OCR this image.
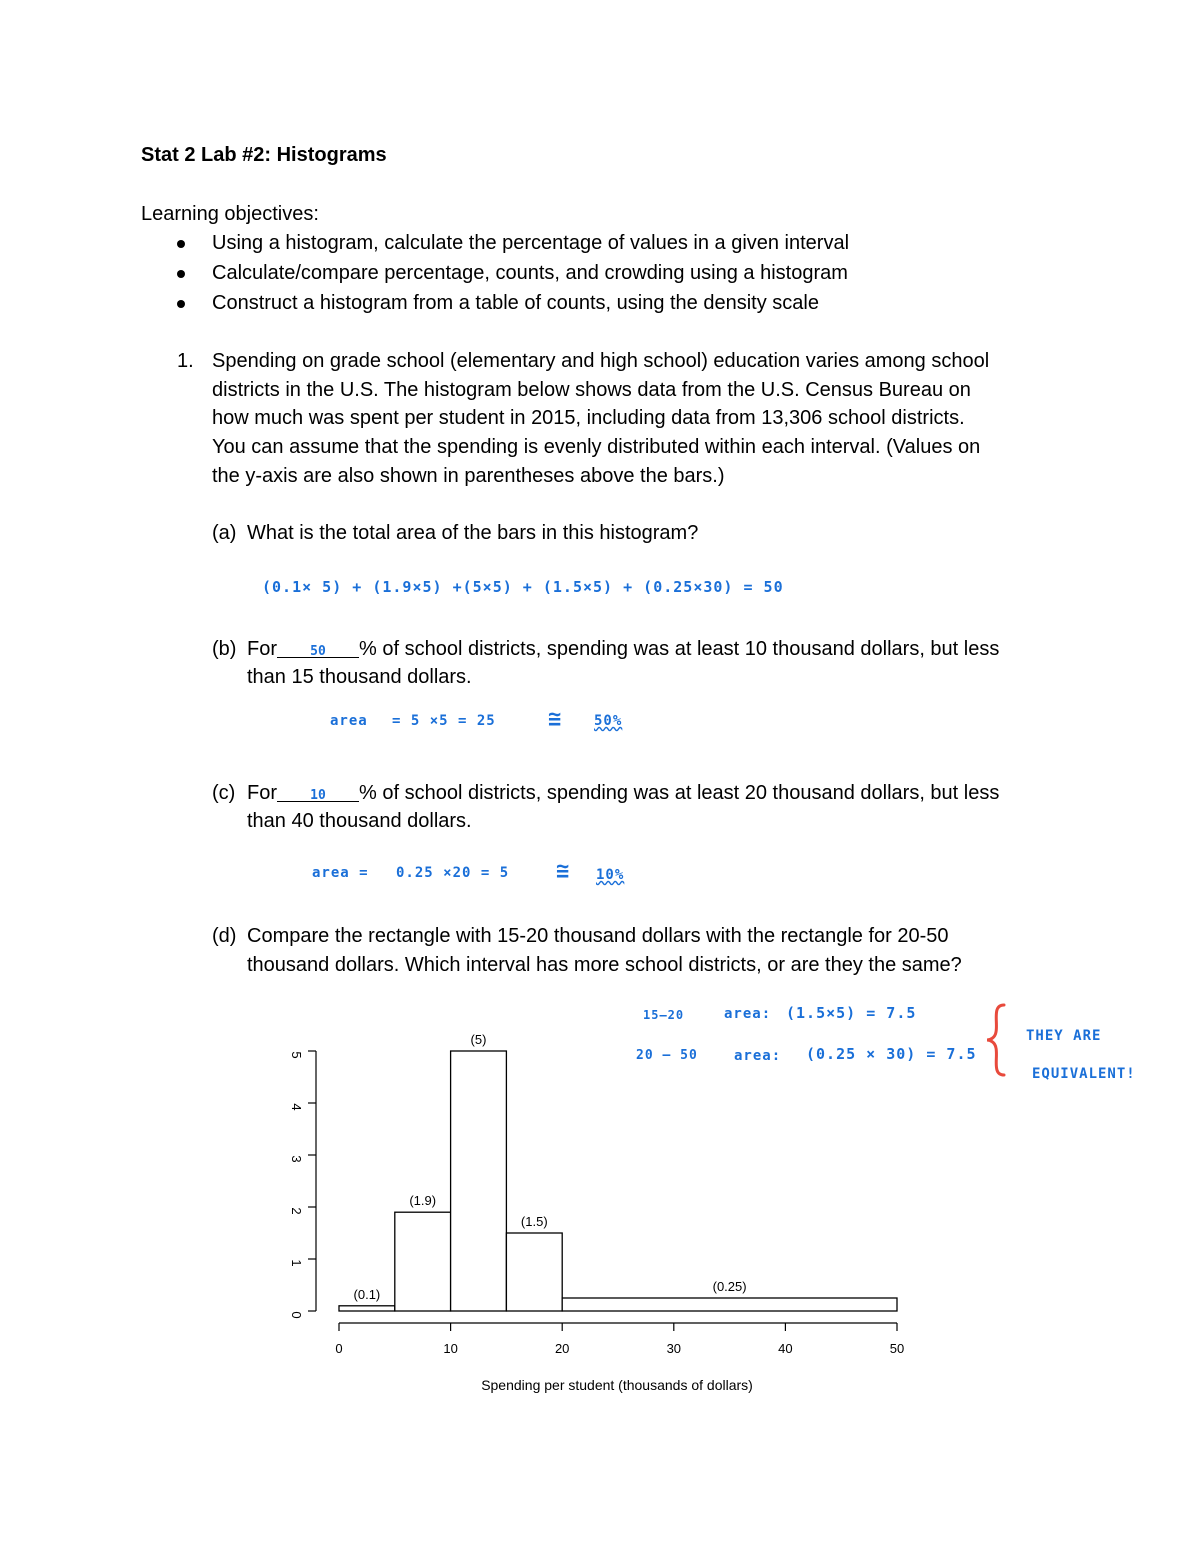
Stat 2 Lab #2: Histograms
Learning objectives:
Using a histogram, calculate the percentage of values in a given interval
Calculate/compare percentage, counts, and crowding using a histogram
Construct a histogram from a table of counts, using the density scale
1. Spending on grade school (elementary and high school) education varies among school
districts in the U.S. The histogram below shows data from the U.S. Census Bureau on
how much was spent per student in 2015, including data from 13,306 school districts.
You can assume that the spending is evenly distributed within each interval. (Values on
the y-axis are also shown in parentheses above the bars.)
(a) What is the total area of the bars in this histogram?
(0.1× 5) + (1.9×5) +(5×5) + (1.5×5) + (0.25×30) = 50
(b) For	50 % of school districts, spending was at least 10 thousand dollars, but less
than 15 thousand dollars.
area = 5 ×5 = 25 ≅ 50%
(c) For	10 % of school districts, spending was at least 20 thousand dollars, but less
than 40 thousand dollars.
area = 0.25 ×20 = 5 ≅ 10%
(d) Compare the rectangle with 15-20 thousand dollars with the rectangle for 20-50
thousand dollars. Which interval has more school districts, or are they the same?
15–20	area: (1.5×5) = 7.5
20 – 50	area: (0.25 × 30) = 7.5
THEY ARE
EQUIVALENT!
(0.1)
(1.9)
(5)
(1.5)
(0.25)
0
1
2
3
4
5
0	10	20	30	40	50
Spending per student (thousands of dollars)
